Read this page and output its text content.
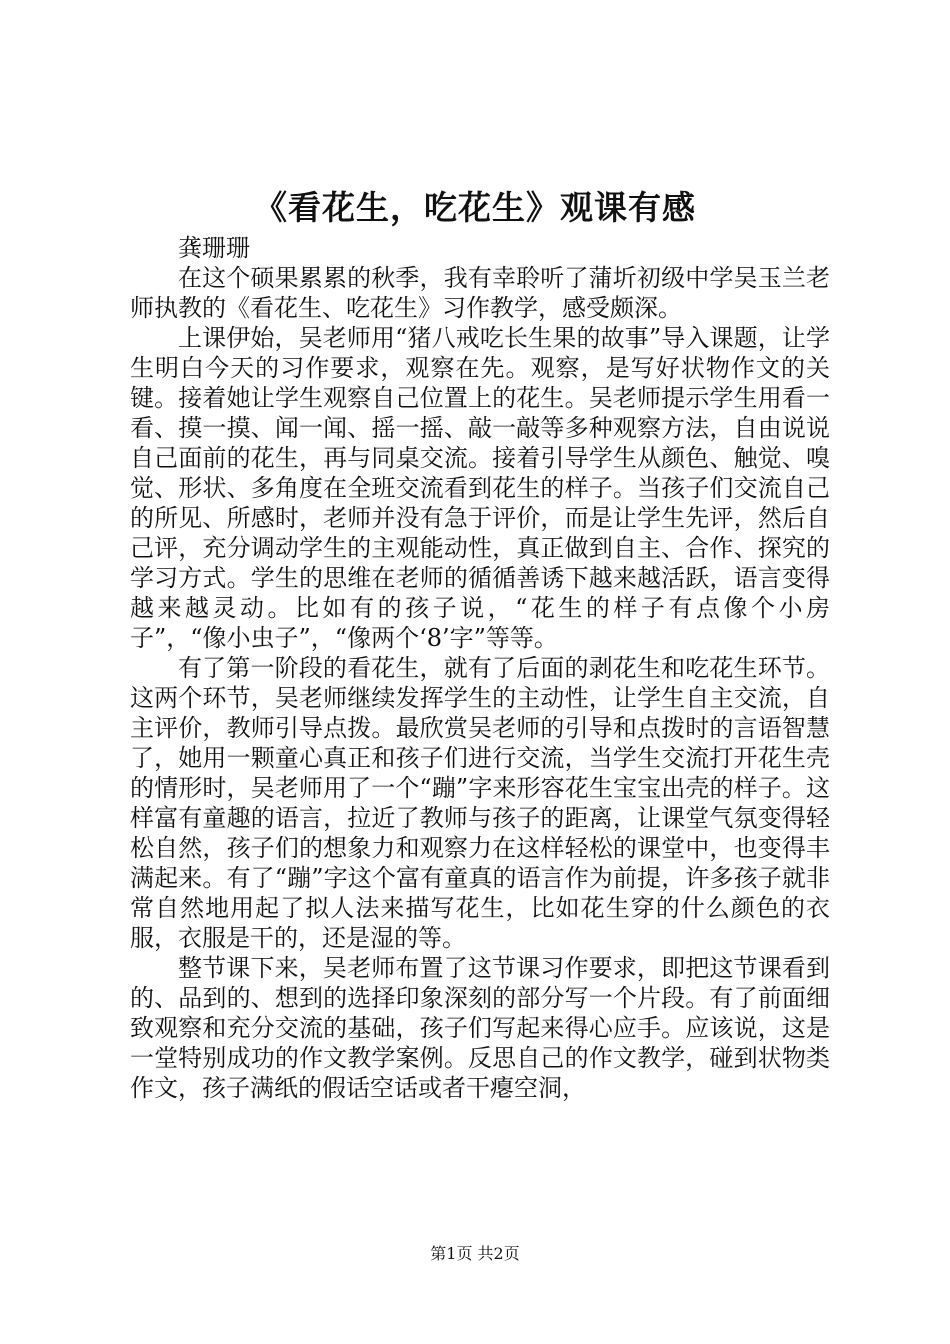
《看花生，吃花生》观课有感
龚珊珊

在这个硕果累累的秋季，我有幸聆听了蒲圻初级中学吴玉兰老师执教的《看花生、吃花生》习作教学，感受颇深。

上课伊始，吴老师用“猪八戒吃长生果的故事”导入课题，让学生明白今天的习作要求，观察在先。观察，是写好状物作文的关键。接着她让学生观察自己位置上的花生。吴老师提示学生用看一看、摸一摸、闻一闻、摇一摇、敲一敲等多种观察方法，自由说说自己面前的花生，再与同桌交流。接着引导学生从颜色、触觉、嗅觉、形状、多角度在全班交流看到花生的样子。当孩子们交流自己的所见、所感时，老师并没有急于评价，而是让学生先评，然后自己评，充分调动学生的主观能动性，真正做到自主、合作、探究的学习方式。学生的思维在老师的循循善诱下越来越活跃，语言变得越来越灵动。比如有的孩子说，“花生的样子有点像个小房子”，“像小虫子”，“像两个‘8’字”等等。

有了第一阶段的看花生，就有了后面的剥花生和吃花生环节。这两个环节，吴老师继续发挥学生的主动性，让学生自主交流，自主评价，教师引导点拨。最欣赏吴老师的引导和点拨时的言语智慧了，她用一颗童心真正和孩子们进行交流，当学生交流打开花生壳的情形时，吴老师用了一个“蹦”字来形容花生宝宝出壳的样子。这样富有童趣的语言，拉近了教师与孩子的距离，让课堂气氛变得轻松自然，孩子们的想象力和观察力在这样轻松的课堂中，也变得丰满起来。有了“蹦”字这个富有童真的语言作为前提，许多孩子就非常自然地用起了拟人法来描写花生，比如花生穿的什么颜色的衣服，衣服是干的，还是湿的等。

整节课下来，吴老师布置了这节课习作要求，即把这节课看到的、品到的、想到的选择印象深刻的部分写一个片段。有了前面细致观察和充分交流的基础，孩子们写起来得心应手。应该说，这是一堂特别成功的作文教学案例。反思自己的作文教学，碰到状物类作文，孩子满纸的假话空话或者干瘪空洞，

第1页 共2页
